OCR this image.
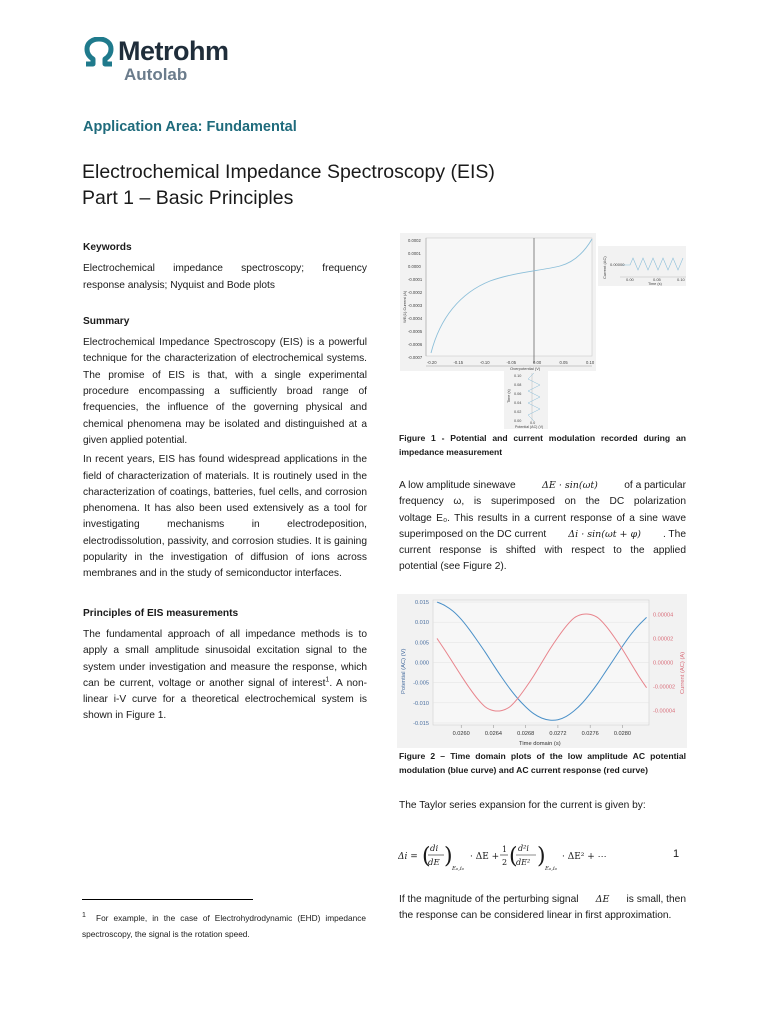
Metrohm
Autolab
Application Area: Fundamental
Electrochemical Impedance Spectroscopy (EIS)
Part 1 – Basic Principles
Keywords
Electrochemical impedance spectroscopy; frequency
response analysis; Nyquist and Bode plots
Summary
Electrochemical Impedance Spectroscopy (EIS) is a powerful technique for the characterization of electrochemical systems. The promise of EIS is that, with a single experimental procedure encompassing a sufficiently broad range of frequencies, the influence of the governing physical and chemical phenomena may be isolated and distinguished at a given applied potential.
In recent years, EIS has found widespread applications in the field of characterization of materials. It is routinely used in the characterization of coatings, batteries, fuel cells, and corrosion phenomena. It has also been used extensively as a tool for investigating mechanisms in electrodeposition, electrodissolution, passivity, and corrosion studies. It is gaining popularity in the investigation of diffusion of ions across membranes and in the study of semiconductor interfaces.
Principles of EIS measurements
The fundamental approach of all impedance methods is to apply a small amplitude sinusoidal excitation signal to the system under investigation and measure the response, which can be current, voltage or another signal of interest$^1$. A non-linear i-V curve for a theoretical electrochemical system is shown in Figure 1.
0.0002
0.0001
0.0000
-0.0001
-0.0002
-0.0003
-0.0004
-0.0005
-0.0006
-0.0007
-0.20	-0.15	-0.10	-0.05	0.00	0.05	0.10
Overpotential (V)
WE(1).Current (A)
Current (AC) 0.00000
0.00	0.05	0.10
Time (s)
Time (s)
0.10
0.08
0.06
0.04
0.02
0.00 0.0
Potential (AC) (V)
Figure 1 - Potential and current modulation recorded during an impedance measurement
A low amplitude sinewave	ΔE · sin(ωt)	of a particular
frequency ω, is superimposed on the DC polarization
voltage E₀. This results in a current response of a sine wave
superimposed on the DC current Δi · sin(ωt + φ) . The
current response is shifted with respect to the applied
potential (see Figure 2).
0.015
0.010
0.005
0.000
-0.005
-0.010
-0.015
0.00004
0.00002
0.00000
-0.00002
-0.00004
0.0260	0.0264	0.0268	0.0272	0.0276	0.0280
Time domain (s)
Potential (AC) (V)	Current (AC) (A)
Figure 2 – Time domain plots of the low amplitude AC potential modulation (blue curve) and AC current response (red curve)
The Taylor series expansion for the current is given by:
Δi = ( di
dE ) E₀,i₀
· ΔE +
1
2 ( d²i
dE² ) E₀,i₀
· ΔE² + ⋯	1
If the magnitude of the perturbing signal ΔE is small, then
the response can be considered linear in first approximation.
$^1$ For example, in the case of Electrohydrodynamic (EHD) impedance spectroscopy, the signal is the rotation speed.
